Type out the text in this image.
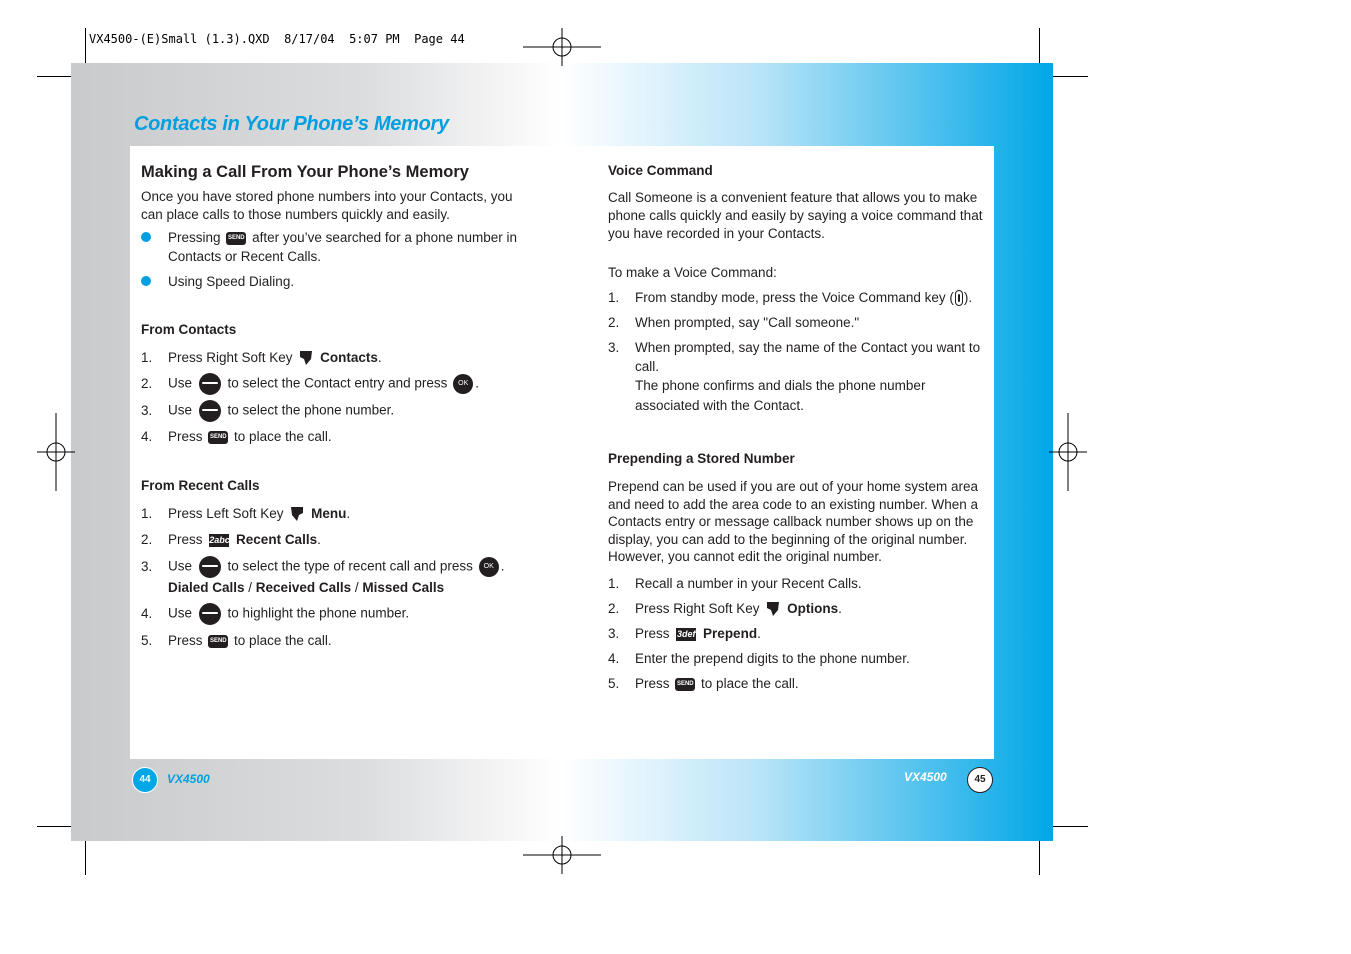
VX4500-(E)Small (1.3).QXD  8/17/04  5:07 PM  Page 44
Contacts in Your Phone’s Memory
Making a Call From Your Phone’s Memory

Once you have stored phone numbers into your Contacts, you can place calls to those numbers quickly and easily.

Pressing SEND after you’ve searched for a phone number in
Contacts or Recent Calls.
Using Speed Dialing.
From Contacts
1. Press Right Soft Key Contacts.
2. Use	to select the Contact entry and press OK .
3. Use	to select the phone number.
4. Press SEND to place the call.
From Recent Calls
1. Press Left Soft Key Menu.
2. Press 2abc Recent Calls.
3. Use	to select the type of recent call and press OK .
Dialed Calls / Received Calls / Missed Calls
4. Use	to highlight the phone number.
5. Press SEND to place the call.
Voice Command

Call Someone is a convenient feature that allows you to make phone calls quickly and easily by saying a voice command that you have recorded in your Contacts.

To make a Voice Command:
1. From standby mode, press the Voice Command key ( ).
2. When prompted, say "Call someone."
3. When prompted, say the name of the Contact you want to
call.
The phone confirms and dials the phone number
associated with the Contact.
Prepending a Stored Number

Prepend can be used if you are out of your home system area and need to add the area code to an existing number. When a Contacts entry or message callback number shows up on the display, you can add to the beginning of the original number. However, you cannot edit the original number.

1. Recall a number in your Recent Calls.
2. Press Right Soft Key Options.
3. Press 3def Prepend.
4. Enter the prepend digits to the phone number.
5. Press SEND to place the call.
44	VX4500	VX4500	45
